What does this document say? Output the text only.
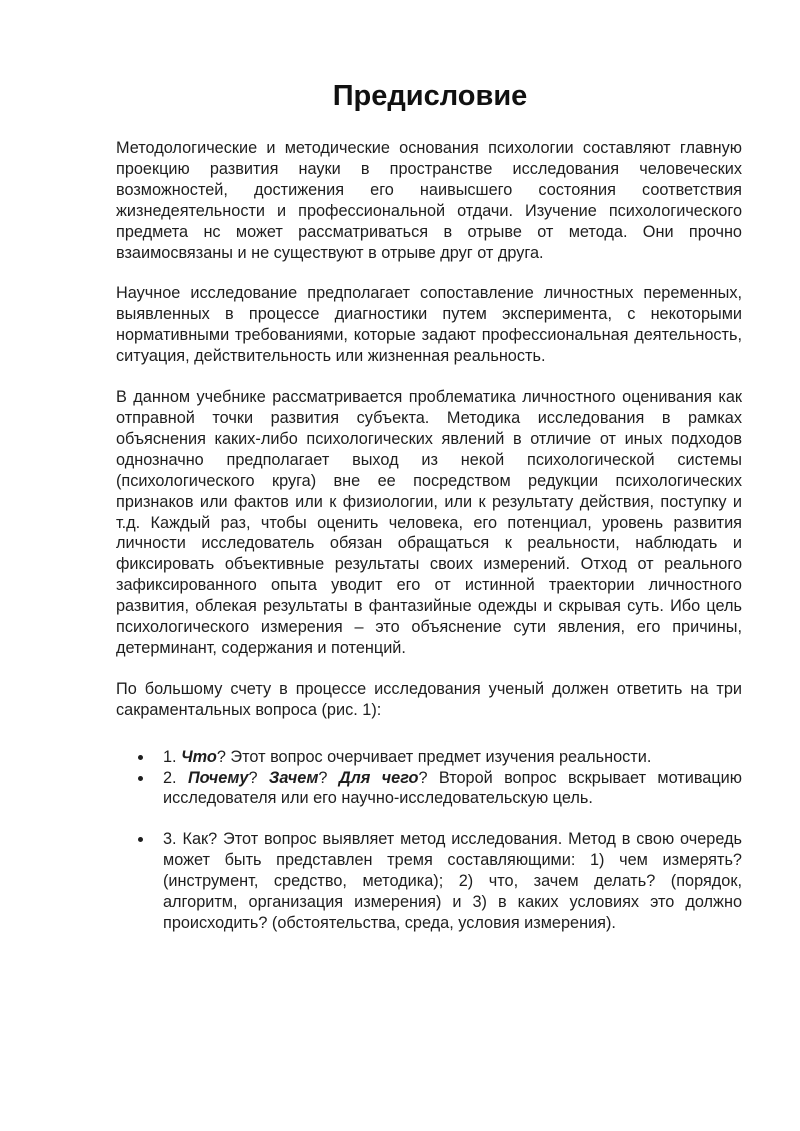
Предисловие

Методологические и методические основания психологии составляют главную проекцию развития науки в пространстве исследования человеческих возможностей, достижения его наивысшего состояния соответствия жизнедеятельности и профессиональной отдачи. Изучение психологического предмета нс может рассматриваться в отрыве от метода. Они прочно взаимосвязаны и не существуют в отрыве друг от друга.

Научное исследование предполагает сопоставление личностных переменных, выявленных в процессе диагностики путем эксперимента, с некоторыми нормативными требованиями, которые задают профессиональная деятельность, ситуация, действительность или жизненная реальность.

В данном учебнике рассматривается проблематика личностного оценивания как отправной точки развития субъекта. Методика исследования в рамках объяснения каких-либо психологических явлений в отличие от иных подходов однозначно предполагает выход из некой психологической системы (психологического круга) вне ее посредством редукции психологических признаков или фактов или к физиологии, или к результату действия, поступку и т.д. Каждый раз, чтобы оценить человека, его потенциал, уровень развития личности исследователь обязан обращаться к реальности, наблюдать и фиксировать объективные результаты своих измерений. Отход от реального зафиксированного опыта уводит его от истинной траектории личностного развития, облекая результаты в фантазийные одежды и скрывая суть. Ибо цель психологического измерения – это объяснение сути явления, его причины, детерминант, содержания и потенций.

По большому счету в процессе исследования ученый должен ответить на три сакраментальных вопроса (рис. 1):

1. Что? Этот вопрос очерчивает предмет изучения реальности.
2. Почему? Зачем? Для чего? Второй вопрос вскрывает мотивацию исследователя или его научно-исследовательскую цель.
3. Как? Этот вопрос выявляет метод исследования. Метод в свою очередь может быть представлен тремя составляющими: 1) чем измерять? (инструмент, средство, методика); 2) что, зачем делать? (порядок, алгоритм, организация измерения) и 3) в каких условиях это должно происходить? (обстоятельства, среда, условия измерения).
